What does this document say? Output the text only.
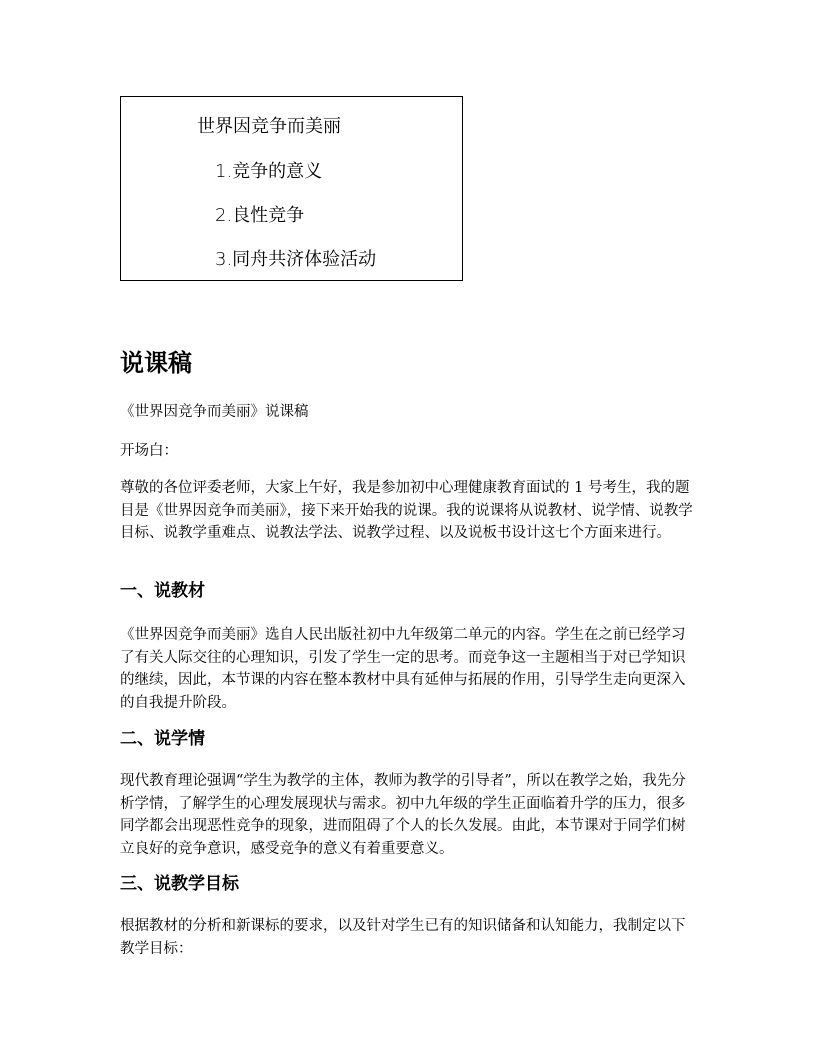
世界因竞争而美丽
1.竞争的意义
2.良性竞争
3.同舟共济体验活动
说课稿

《世界因竞争而美丽》说课稿

开场白：

尊敬的各位评委老师，大家上午好，我是参加初中心理健康教育面试的 1 号考生，我的题目是《世界因竞争而美丽》，接下来开始我的说课。我的说课将从说教材、说学情、说教学目标、说教学重难点、说教法学法、说教学过程、以及说板书设计这七个方面来进行。

一、说教材

《世界因竞争而美丽》选自人民出版社初中九年级第二单元的内容。学生在之前已经学习了有关人际交往的心理知识，引发了学生一定的思考。而竞争这一主题相当于对已学知识的继续，因此，本节课的内容在整本教材中具有延伸与拓展的作用，引导学生走向更深入的自我提升阶段。

二、说学情

现代教育理论强调“学生为教学的主体，教师为教学的引导者”，所以在教学之始，我先分析学情，了解学生的心理发展现状与需求。初中九年级的学生正面临着升学的压力，很多同学都会出现恶性竞争的现象，进而阻碍了个人的长久发展。由此，本节课对于同学们树立良好的竞争意识，感受竞争的意义有着重要意义。

三、说教学目标

根据教材的分析和新课标的要求，以及针对学生已有的知识储备和认知能力，我制定以下教学目标：
